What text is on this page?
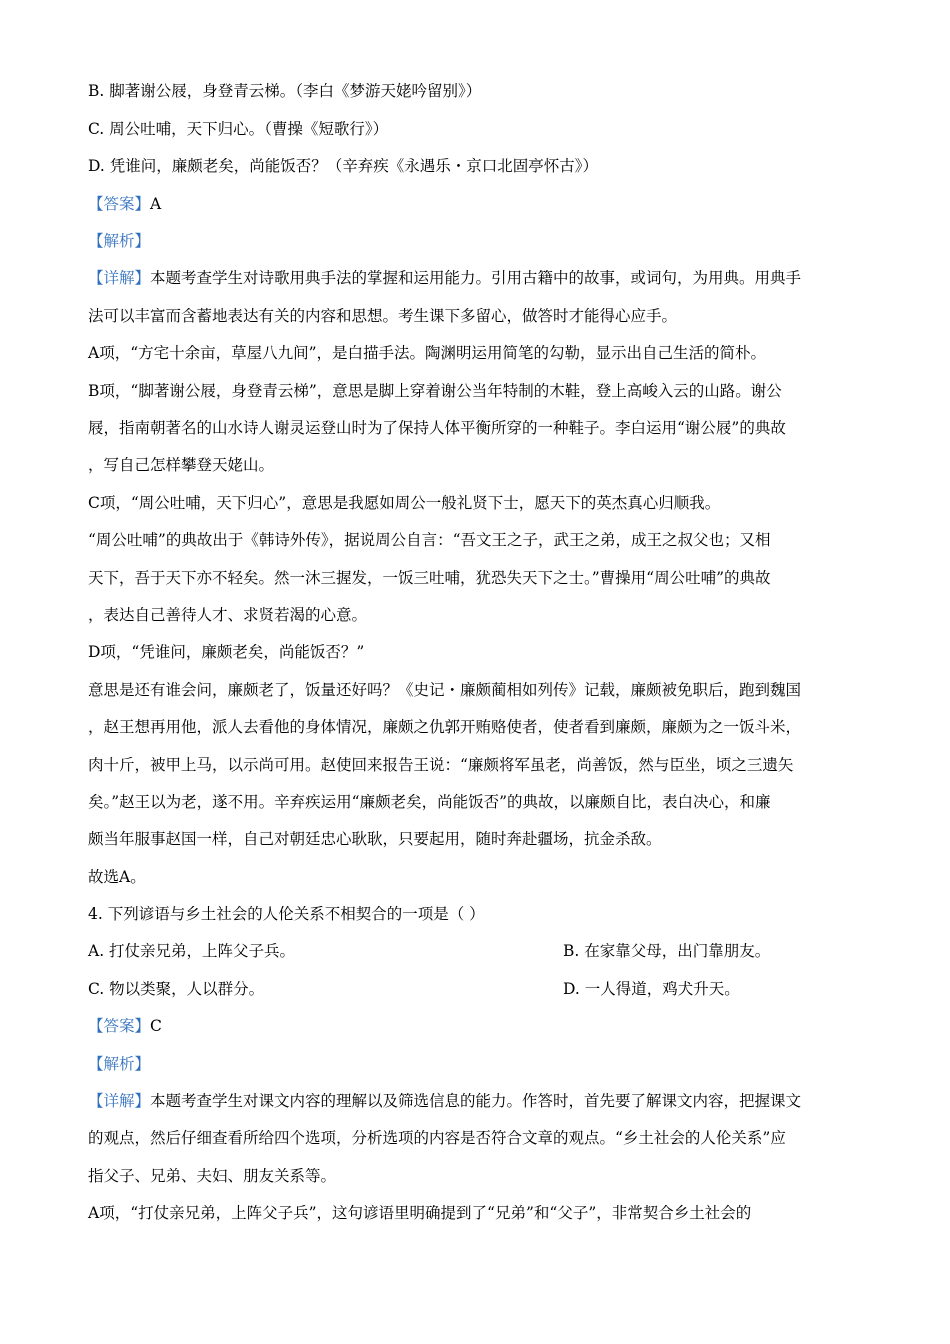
B. 脚著谢公屐，身登青云梯。（李白《梦游天姥吟留别》）
C. 周公吐哺，天下归心。（曹操《短歌行》）
D. 凭谁问，廉颇老矣，尚能饭否？（辛弃疾《永遇乐・京口北固亭怀古》）
【答案】A
【解析】
【详解】本题考查学生对诗歌用典手法的掌握和运用能力。引用古籍中的故事，或词句，为用典。用典手
法可以丰富而含蓄地表达有关的内容和思想。考生课下多留心，做答时才能得心应手。
A项，“方宅十余亩，草屋八九间”，是白描手法。陶渊明运用简笔的勾勒，显示出自己生活的简朴。
B项，“脚著谢公屐，身登青云梯”，意思是脚上穿着谢公当年特制的木鞋，登上高峻入云的山路。谢公
屐，指南朝著名的山水诗人谢灵运登山时为了保持人体平衡所穿的一种鞋子。李白运用“谢公屐”的典故
，写自己怎样攀登天姥山。
C项，“周公吐哺，天下归心”，意思是我愿如周公一般礼贤下士，愿天下的英杰真心归顺我。
“周公吐哺”的典故出于《韩诗外传》，据说周公自言：“吾文王之子，武王之弟，成王之叔父也；又相
天下，吾于天下亦不轻矣。然一沐三握发，一饭三吐哺，犹恐失天下之士。”曹操用“周公吐哺”的典故
，表达自己善待人才、求贤若渴的心意。
D项，“凭谁问，廉颇老矣，尚能饭否？”
意思是还有谁会问，廉颇老了，饭量还好吗？《史记・廉颇蔺相如列传》记载，廉颇被免职后，跑到魏国
，赵王想再用他，派人去看他的身体情况，廉颇之仇郭开贿赂使者，使者看到廉颇，廉颇为之一饭斗米，
肉十斤，被甲上马，以示尚可用。赵使回来报告王说：“廉颇将军虽老，尚善饭，然与臣坐，顷之三遗矢
矣。”赵王以为老，遂不用。辛弃疾运用“廉颇老矣，尚能饭否”的典故，以廉颇自比，表白决心，和廉
颇当年服事赵国一样，自己对朝廷忠心耿耿，只要起用，随时奔赴疆场，抗金杀敌。
故选A。
4. 下列谚语与乡土社会的人伦关系不相契合的一项是（ ）
A. 打仗亲兄弟，上阵父子兵。	B. 在家靠父母，出门靠朋友。
C. 物以类聚，人以群分。	D. 一人得道，鸡犬升天。
【答案】C
【解析】
【详解】本题考查学生对课文内容的理解以及筛选信息的能力。作答时，首先要了解课文内容，把握课文
的观点，然后仔细查看所给四个选项，分析选项的内容是否符合文章的观点。“乡土社会的人伦关系”应
指父子、兄弟、夫妇、朋友关系等。
A项，“打仗亲兄弟，上阵父子兵”，这句谚语里明确提到了“兄弟”和“父子”，非常契合乡土社会的
